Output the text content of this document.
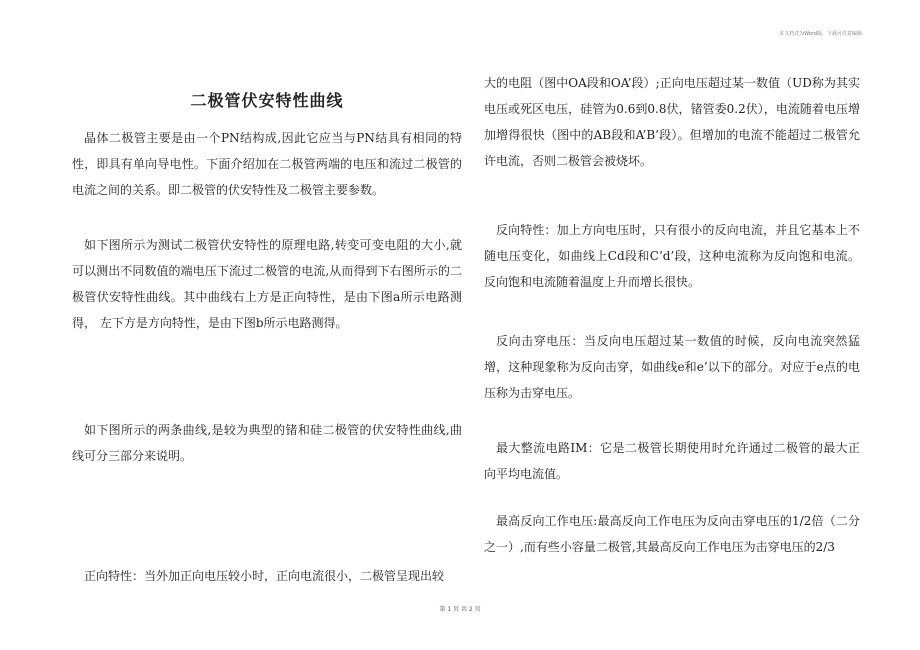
本文档式为Word版，下载可任意编辑
二极管伏安特性曲线
晶体二极管主要是由一个PN结构成,因此它应当与PN结具有相同的特性，即具有单向导电性。下面介绍加在二极管两端的电压和流过二极管的电流之间的关系。即二极管的伏安特性及二极管主要参数。
如下图所示为测试二极管伏安特性的原理电路,转变可变电阻的大小,就可以测出不同数值的端电压下流过二极管的电流,从而得到下右图所示的二极管伏安特性曲线。其中曲线右上方是正向特性，是由下图a所示电路测得， 左下方是方向特性，是由下图b所示电路测得。
如下图所示的两条曲线,是较为典型的锗和硅二极管的伏安特性曲线,曲线可分三部分来说明。
正向特性：当外加正向电压较小时，正向电流很小，二极管呈现出较
大的电阻（图中OA段和OA’段）;正向电压超过某一数值（UD称为其实电压或死区电压，硅管为0.6到0.8伏，锗管委0.2伏），电流随着电压增加增得很快（图中的AB段和A’B’段）。但增加的电流不能超过二极管允许电流，否则二极管会被烧坏。
反向特性：加上方向电压时，只有很小的反向电流，并且它基本上不随电压变化，如曲线上Cd段和C’d’段，这种电流称为反向饱和电流。反向饱和电流随着温度上升而增长很快。
反向击穿电压：当反向电压超过某一数值的时候，反向电流突然猛增，这种现象称为反向击穿，如曲线e和e’以下的部分。对应于e点的电压称为击穿电压。
最大整流电路IM：它是二极管长期使用时允许通过二极管的最大正向平均电流值。
最高反向工作电压:最高反向工作电压为反向击穿电压的1/2倍（二分之一）,而有些小容量二极管,其最高反向工作电压为击穿电压的2/3
第 1 页 共 2 页
